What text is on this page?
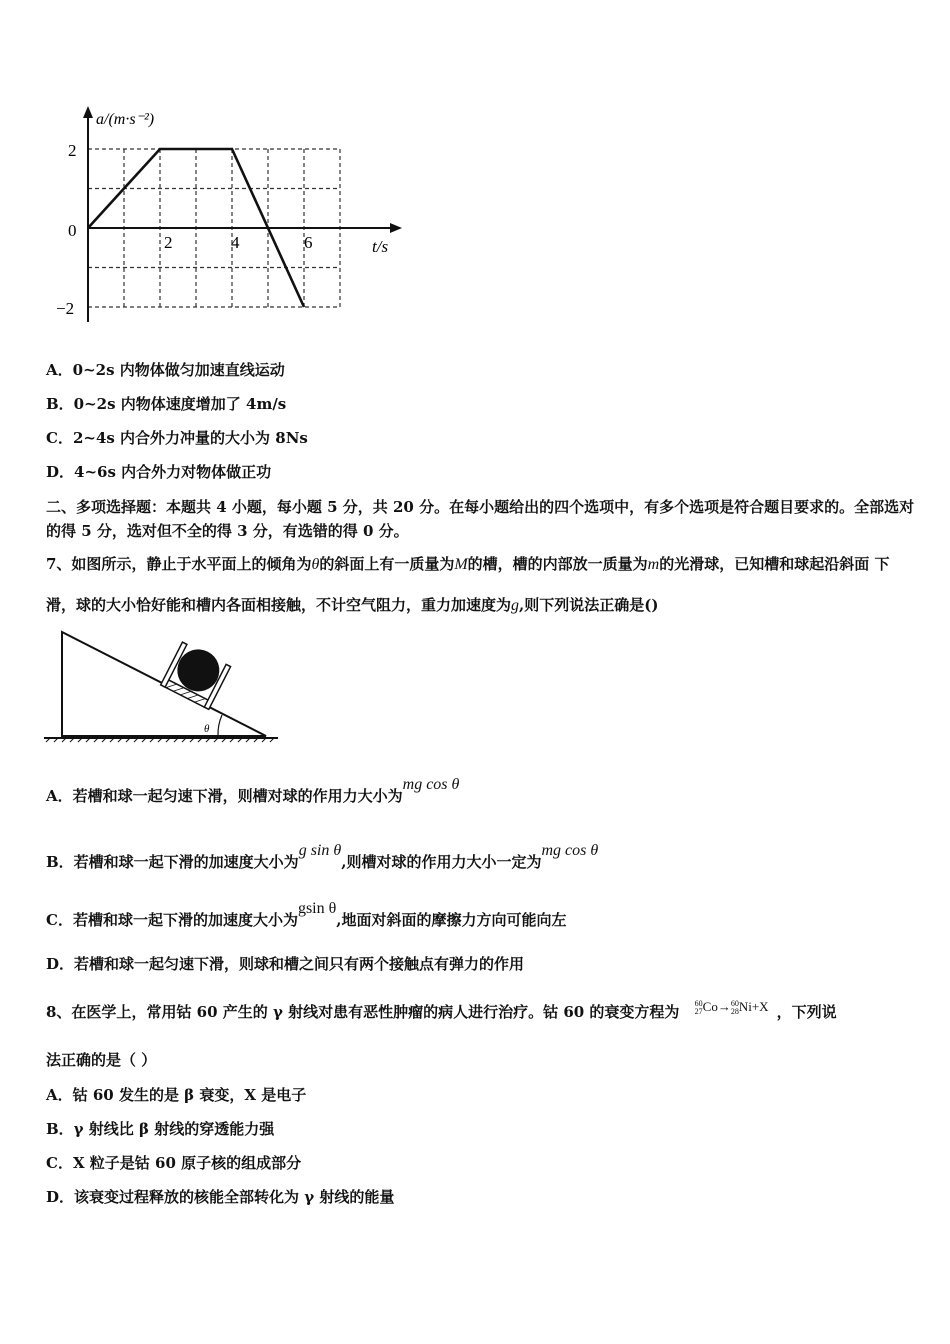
a/(m·s⁻²)
t/s
2
0
−2
2	4	6
A．0~2s 内物体做匀加速直线运动
B．0~2s 内物体速度增加了 4m/s
C．2~4s 内合外力冲量的大小为 8Ns
D．4~6s 内合外力对物体做正功
二、多项选择题：本题共 4 小题，每小题 5 分，共 20 分。在每小题给出的四个选项中，有多个选项是符合题目要求的。全部选对的得 5 分，选对但不全的得 3 分，有选错的得 0 分。
7、如图所示，静止于水平面上的倾角为θ的斜面上有一质量为M的槽，槽的内部放一质量为m的光滑球，已知槽和球起沿斜面 下滑，球的大小恰好能和槽内各面相接触，不计空气阻力，重力加速度为g,则下列说法正确是()
θ
A．若槽和球一起匀速下滑，则槽对球的作用力大小为mg cos θ
B．若槽和球一起下滑的加速度大小为g sin θ,则槽对球的作用力大小一定为mg cos θ
C．若槽和球一起下滑的加速度大小为gsin θ,地面对斜面的摩擦力方向可能向左
D．若槽和球一起匀速下滑，则球和槽之间只有两个接触点有弹力的作用
8、在医学上，常用钴 60 产生的 γ 射线对患有恶性肿瘤的病人进行治疗。钴 60 的衰变方程为 60
27Co→60
28Ni+X ，下列说
法正确的是（ ）
A．钴 60 发生的是 β 衰变，X 是电子
B．γ 射线比 β 射线的穿透能力强
C．X 粒子是钴 60 原子核的组成部分
D．该衰变过程释放的核能全部转化为 γ 射线的能量
